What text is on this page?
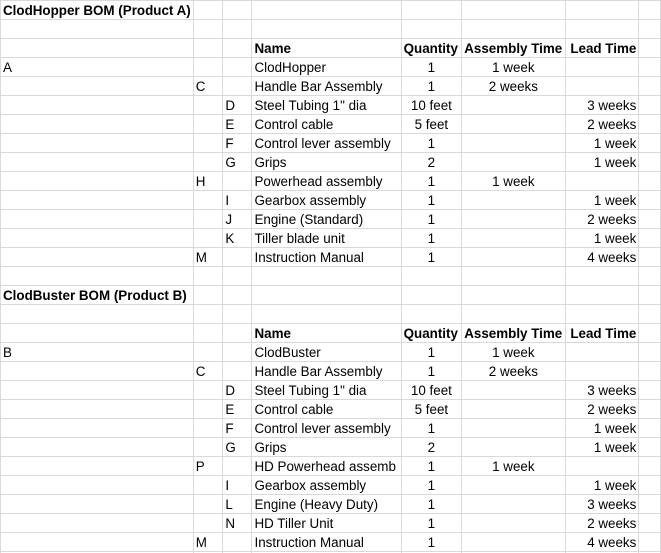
ClodHopper BOM (Product A)							

			Name	Quantity	Assembly Time	Lead Time	
A			ClodHopper	1	1 week		
	C		Handle Bar Assembly	1	2 weeks		
		D	Steel Tubing 1" dia	10 feet		3 weeks	
		E	Control cable	5 feet		2 weeks	
		F	Control lever assembly	1		1 week	
		G	Grips	2		1 week	
	H		Powerhead assembly	1	1 week		
		I	Gearbox assembly	1		1 week	
		J	Engine (Standard)	1		2 weeks	
		K	Tiller blade unit	1		1 week	
	M		Instruction Manual	1		4 weeks	

ClodBuster BOM (Product B)							

			Name	Quantity	Assembly Time	Lead Time	
B			ClodBuster	1	1 week		
	C		Handle Bar Assembly	1	2 weeks		
		D	Steel Tubing 1" dia	10 feet		3 weeks	
		E	Control cable	5 feet		2 weeks	
		F	Control lever assembly	1		1 week	
		G	Grips	2		1 week	
	P		HD Powerhead assemb	1	1 week		
		I	Gearbox assembly	1		1 week	
		L	Engine (Heavy Duty)	1		3 weeks	
		N	HD Tiller Unit	1		2 weeks	
	M		Instruction Manual	1		4 weeks	
